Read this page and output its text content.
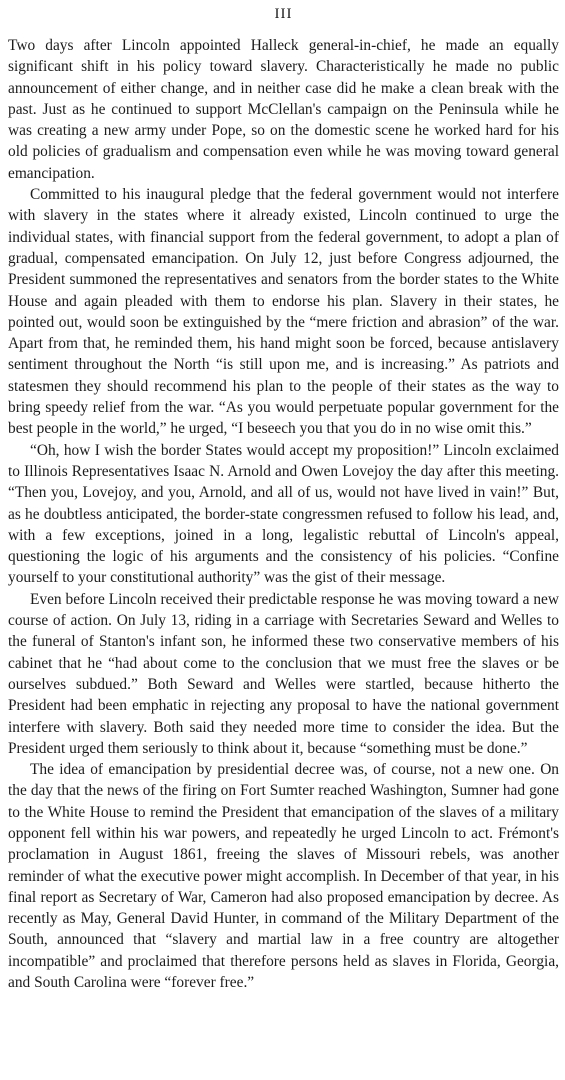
III

Two days after Lincoln appointed Halleck general-in-chief, he made an equally significant shift in his policy toward slavery. Characteristically he made no public announcement of either change, and in neither case did he make a clean break with the past. Just as he continued to support McClellan's campaign on the Peninsula while he was creating a new army under Pope, so on the domestic scene he worked hard for his old policies of gradualism and compensation even while he was moving toward general emancipation.

Committed to his inaugural pledge that the federal government would not interfere with slavery in the states where it already existed, Lincoln continued to urge the individual states, with financial support from the federal government, to adopt a plan of gradual, compensated emancipation. On July 12, just before Congress adjourned, the President summoned the representatives and senators from the border states to the White House and again pleaded with them to endorse his plan. Slavery in their states, he pointed out, would soon be extinguished by the “mere friction and abrasion” of the war. Apart from that, he reminded them, his hand might soon be forced, because antislavery sentiment throughout the North “is still upon me, and is increasing.” As patriots and statesmen they should recommend his plan to the people of their states as the way to bring speedy relief from the war. “As you would perpetuate popular government for the best people in the world,” he urged, “I beseech you that you do in no wise omit this.”

“Oh, how I wish the border States would accept my proposition!” Lincoln exclaimed to Illinois Representatives Isaac N. Arnold and Owen Lovejoy the day after this meeting. “Then you, Lovejoy, and you, Arnold, and all of us, would not have lived in vain!” But, as he doubtless anticipated, the border-state congressmen refused to follow his lead, and, with a few exceptions, joined in a long, legalistic rebuttal of Lincoln's appeal, questioning the logic of his arguments and the consistency of his policies. “Confine yourself to your constitutional authority” was the gist of their message.

Even before Lincoln received their predictable response he was moving toward a new course of action. On July 13, riding in a carriage with Secretaries Seward and Welles to the funeral of Stanton's infant son, he informed these two conservative members of his cabinet that he “had about come to the conclusion that we must free the slaves or be ourselves subdued.” Both Seward and Welles were startled, because hitherto the President had been emphatic in rejecting any proposal to have the national government interfere with slavery. Both said they needed more time to consider the idea. But the President urged them seriously to think about it, because “something must be done.”

The idea of emancipation by presidential decree was, of course, not a new one. On the day that the news of the firing on Fort Sumter reached Washington, Sumner had gone to the White House to remind the President that emancipation of the slaves of a military opponent fell within his war powers, and repeatedly he urged Lincoln to act. Frémont's proclamation in August 1861, freeing the slaves of Missouri rebels, was another reminder of what the executive power might accomplish. In December of that year, in his final report as Secretary of War, Cameron had also proposed emancipation by decree. As recently as May, General David Hunter, in command of the Military Department of the South, announced that “slavery and martial law in a free country are altogether incompatible” and proclaimed that therefore persons held as slaves in Florida, Georgia, and South Carolina were “forever free.”
